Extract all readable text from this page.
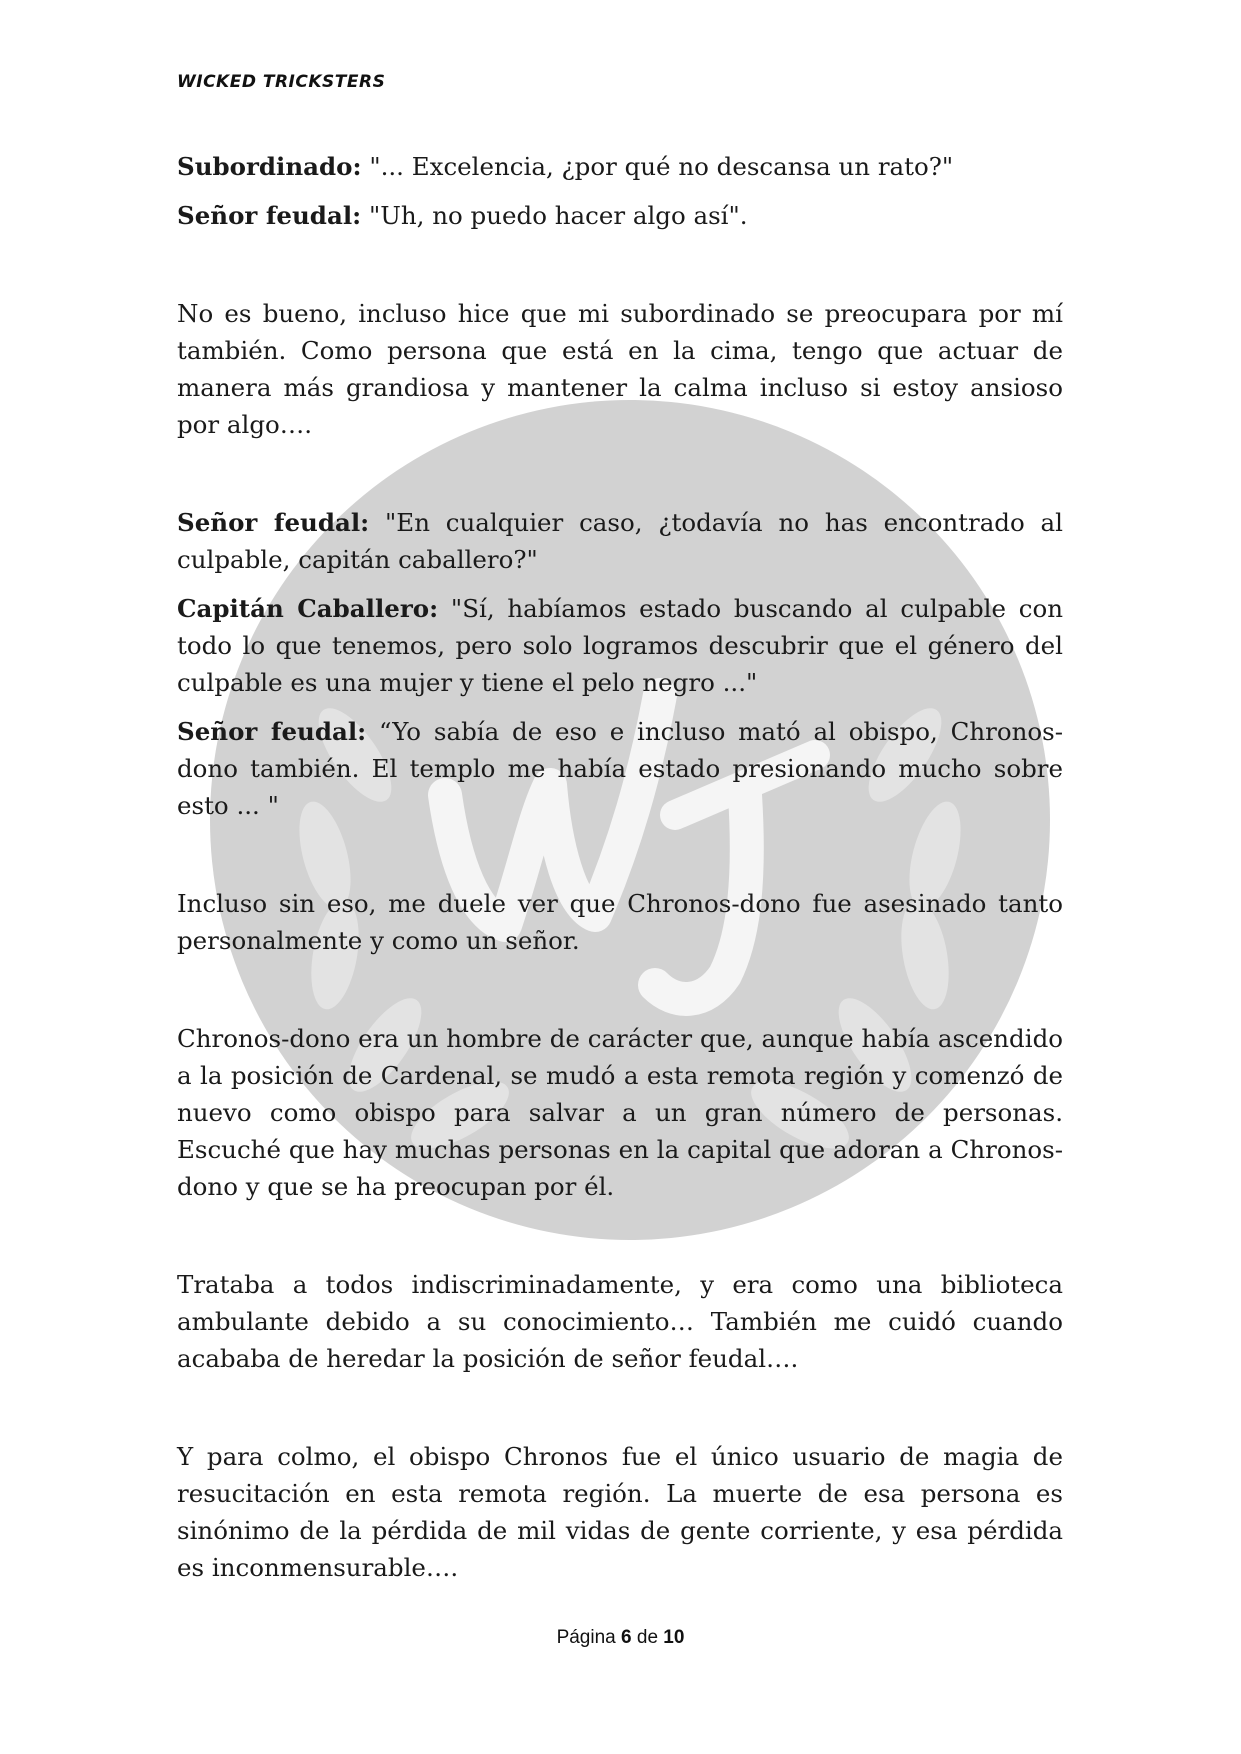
WICKED TRICKSTERS

Subordinado: "... Excelencia, ¿por qué no descansa un rato?"

Señor feudal: "Uh, no puedo hacer algo así".

No es bueno, incluso hice que mi subordinado se preocupara por mí también. Como persona que está en la cima, tengo que actuar de manera más grandiosa y mantener la calma incluso si estoy ansioso por algo….

Señor feudal: "En cualquier caso, ¿todavía no has encontrado al culpable, capitán caballero?"

Capitán Caballero: "Sí, habíamos estado buscando al culpable con todo lo que tenemos, pero solo logramos descubrir que el género del culpable es una mujer y tiene el pelo negro ..."

Señor feudal: “Yo sabía de eso e incluso mató al obispo, Chronos-dono también. El templo me había estado presionando mucho sobre esto ... "

Incluso sin eso, me duele ver que Chronos-dono fue asesinado tanto personalmente y como un señor.

Chronos-dono era un hombre de carácter que, aunque había ascendido a la posición de Cardenal, se mudó a esta remota región y comenzó de nuevo como obispo para salvar a un gran número de personas. Escuché que hay muchas personas en la capital que adoran a Chronos-dono y que se ha preocupan por él.

Trataba a todos indiscriminadamente, y era como una biblioteca ambulante debido a su conocimiento… También me cuidó cuando acababa de heredar la posición de señor feudal….

Y para colmo, el obispo Chronos fue el único usuario de magia de resucitación en esta remota región. La muerte de esa persona es sinónimo de la pérdida de mil vidas de gente corriente, y esa pérdida es inconmensurable….

Página 6 de 10
